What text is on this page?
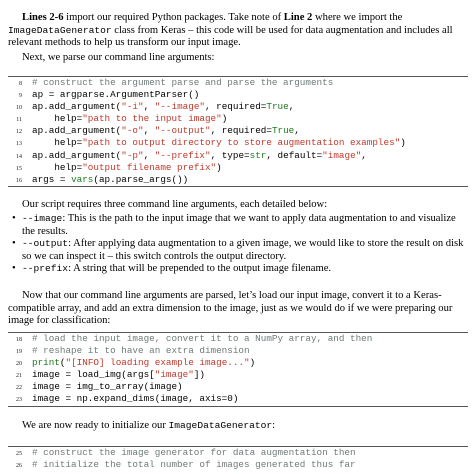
Lines 2-6 import our required Python packages. Take note of Line 2 where we import the ImageDataGenerator class from Keras – this code will be used for data augmentation and includes all relevant methods to help us transform our input image.

Next, we parse our command line arguments:

8 # construct the argument parse and parse the arguments
9 ap = argparse.ArgumentParser()
10 ap.add_argument("-i", "--image", required=True,
11 help="path to the input image")
12 ap.add_argument("-o", "--output", required=True,
13 help="path to output directory to store augmentation examples")
14 ap.add_argument("-p", "--prefix", type=str, default="image",
15 help="output filename prefix")
16 args = vars(ap.parse_args())

Our script requires three command line arguments, each detailed below:

• --image: This is the path to the input image that we want to apply data augmentation to and visualize the results.
• --output: After applying data augmentation to a given image, we would like to store the result on disk so we can inspect it – this switch controls the output directory.
• --prefix: A string that will be prepended to the output image filename.

Now that our command line arguments are parsed, let’s load our input image, convert it to a Keras-compatible array, and add an extra dimension to the image, just as we would do if we were preparing our image for classification:

18 # load the input image, convert it to a NumPy array, and then
19 # reshape it to have an extra dimension
20 print("[INFO] loading example image...")
21 image = load_img(args["image"])
22 image = img_to_array(image)
23 image = np.expand_dims(image, axis=0)

We are now ready to initialize our ImageDataGenerator:

25 # construct the image generator for data augmentation then
26 # initialize the total number of images generated thus far
